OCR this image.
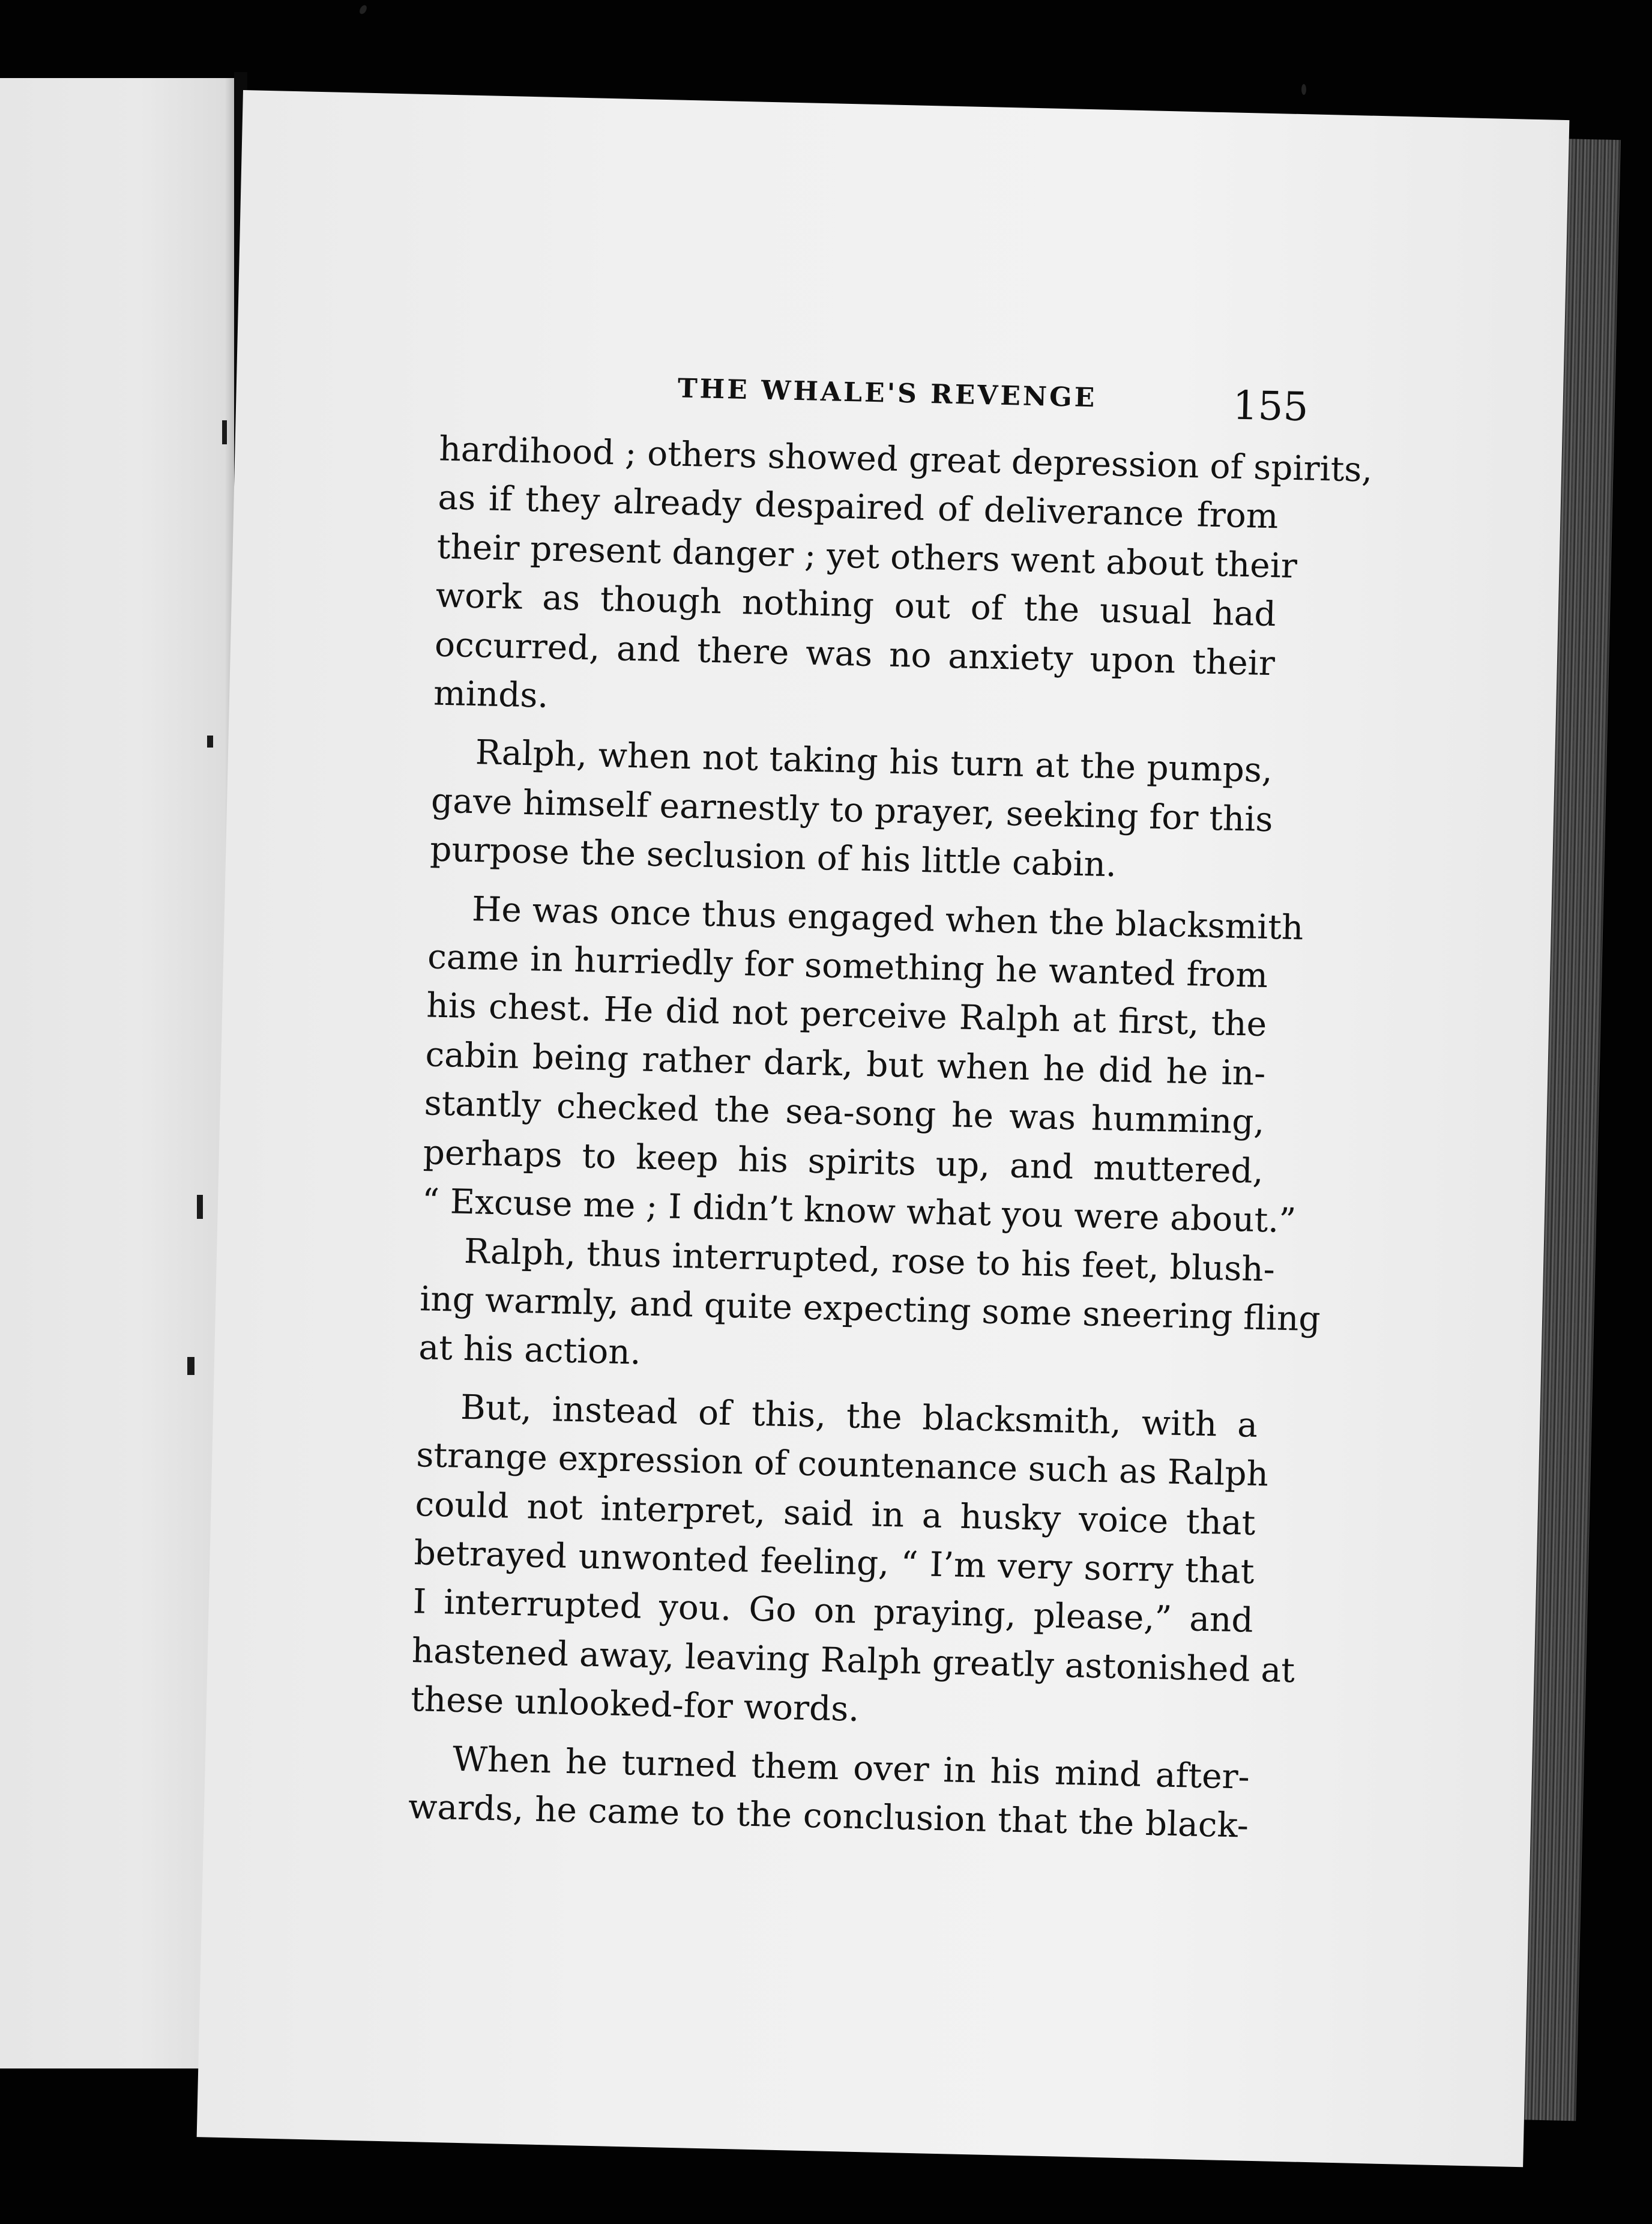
THE WHALE'S REVENGE	155
hardihood ; others showed great depression of spirits,
as if they already despaired of deliverance from
their present danger ; yet others went about their
work as though nothing out of the usual had
occurred, and there was no anxiety upon their
minds.
Ralph, when not taking his turn at the pumps,
gave himself earnestly to prayer, seeking for this
purpose the seclusion of his little cabin.
He was once thus engaged when the blacksmith
came in hurriedly for something he wanted from
his chest. He did not perceive Ralph at first, the
cabin being rather dark, but when he did he in-
stantly checked the sea-song he was humming,
perhaps to keep his spirits up, and muttered,
“ Excuse me ; I didn’t know what you were about.”
Ralph, thus interrupted, rose to his feet, blush-
ing warmly, and quite expecting some sneering fling
at his action.
But, instead of this, the blacksmith, with a
strange expression of countenance such as Ralph
could not interpret, said in a husky voice that
betrayed unwonted feeling, “ I’m very sorry that
I interrupted you. Go on praying, please,” and
hastened away, leaving Ralph greatly astonished at
these unlooked-for words.
When he turned them over in his mind after-
wards, he came to the conclusion that the black-
